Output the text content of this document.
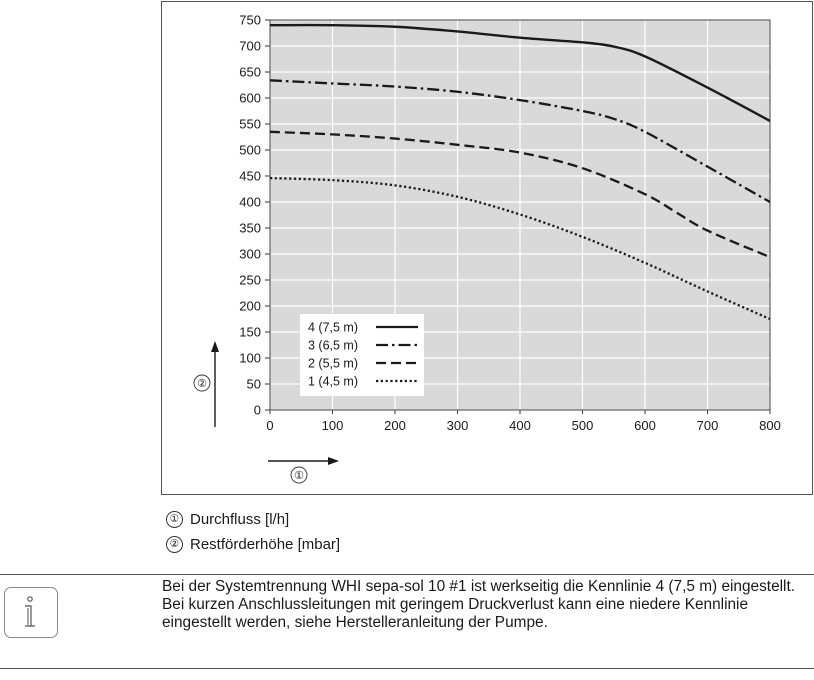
0	100	200	300	400	500	600	700	800
0
50
100
150
200
250
300
350
400
450
500
550
600
650
700
750
4 (7,5 m)
3 (6,5 m)
2 (5,5 m)
1 (4,5 m)
②
①
① Durchfluss [l/h]
② Restförderhöhe [mbar]

Bei der Systemtrennung WHI sepa-sol 10 #1 ist werkseitig die Kennlinie 4 (7,5 m) eingestellt.

Bei kurzen Anschlussleitungen mit geringem Druckverlust kann eine niedere Kennlinie eingestellt werden, siehe Herstelleranleitung der Pumpe.
